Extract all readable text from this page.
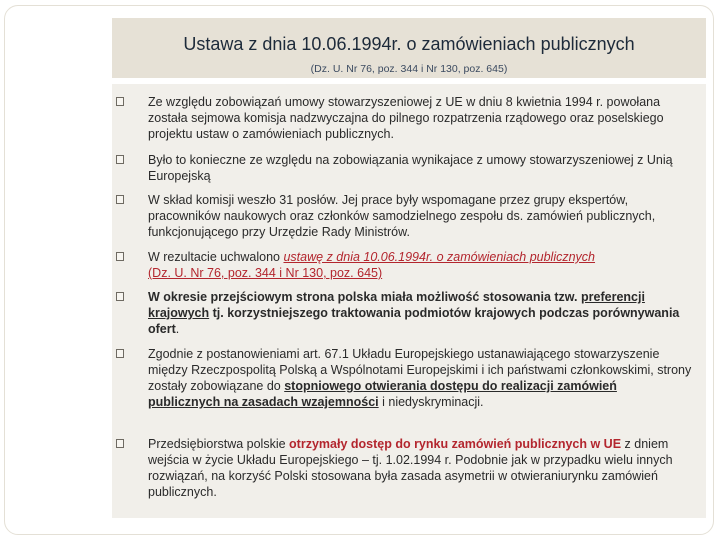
Ustawa z dnia 10.06.1994r. o zamówieniach publicznych
(Dz. U. Nr 76, poz. 344 i Nr 130, poz. 645)
Ze względu zobowiązań umowy stowarzyszeniowej z UE w dniu 8 kwietnia 1994 r. powołana została sejmowa komisja nadzwyczajna do pilnego rozpatrzenia rządowego oraz poselskiego projektu ustaw o zamówieniach publicznych.
Było to konieczne ze względu na zobowiązania wynikajace z umowy stowarzyszeniowej z Unią Europejską
W skład komisji weszło 31 posłów. Jej prace były wspomagane przez grupy ekspertów, pracowników naukowych oraz członków samodzielnego zespołu ds. zamówień publicznych, funkcjonującego przy Urzędzie Rady Ministrów.
W rezultacie uchwalono ustawę z dnia 10.06.1994r. o zamówieniach publicznych
(Dz. U. Nr 76, poz. 344 i Nr 130, poz. 645)
W okresie przejściowym strona polska miała możliwość stosowania tzw. preferencji krajowych tj. korzystniejszego traktowania podmiotów krajowych podczas porównywania ofert.
Zgodnie z postanowieniami art. 67.1 Układu Europejskiego ustanawiającego stowarzyszenie między Rzeczpospolitą Polską a Wspólnotami Europejskimi i ich państwami członkowskimi, strony zostały zobowiązane do stopniowego otwierania dostępu do realizacji zamówień publicznych na zasadach wzajemności i niedyskryminacji.
Przedsiębiorstwa polskie otrzymały dostęp do rynku zamówień publicznych w UE z dniem wejścia w życie Układu Europejskiego – tj. 1.02.1994 r. Podobnie jak w przypadku wielu innych rozwiązań, na korzyść Polski stosowana była zasada asymetrii w otwieraniurynku zamówień publicznych.
